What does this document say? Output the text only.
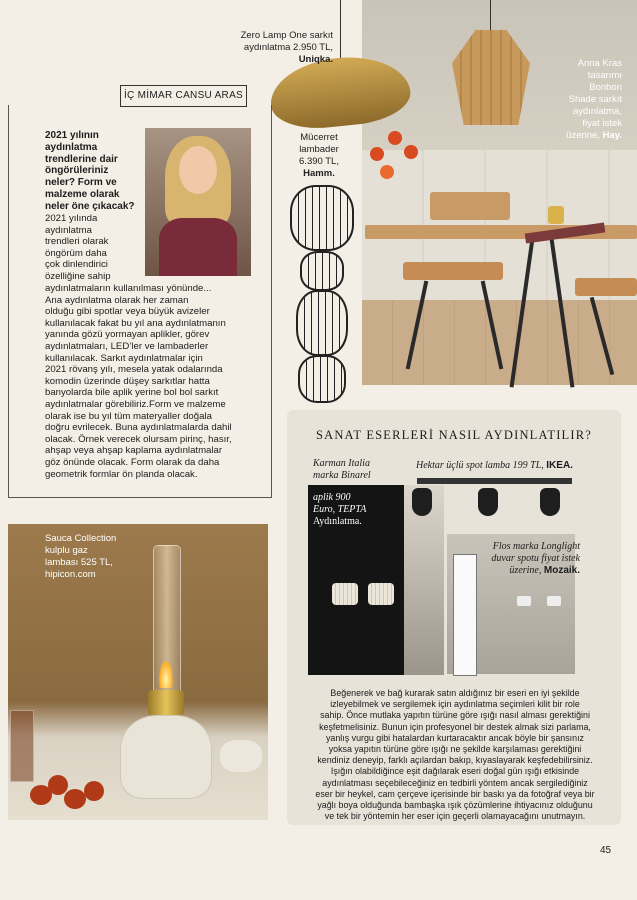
Zero Lamp One sarkıt
aydınlatma 2.950 TL,
Uniqka.	Anna Kras
tasarımı
Bonbon
Shade sarkıt
aydınlatma,
fiyat istek
üzerine, Hay.
Mücerret
lambader
6.390 TL,
Hamm.
İÇ MİMAR CANSU ARAS
2021 yılının
aydınlatma
trendlerine dair
öngörüleriniz
neler? Form ve
malzeme olarak
neler öne çıkacak?
2021 yılında
aydınlatma
trendleri olarak
öngörüm daha
çok dinlendirici
özelliğine sahip
aydınlatmaların kullanılması yönünde...
Ana aydınlatma olarak her zaman
olduğu gibi spotlar veya büyük avizeler
kullanılacak fakat bu yıl ana aydınlatmanın
yanında gözü yormayan aplikler, görev
aydınlatmaları, LED’ler ve lambaderler
kullanılacak. Sarkıt aydınlatmalar için
2021 rövanş yılı, mesela yatak odalarında
komodin üzerinde düşey sarkıtlar hatta
banyolarda bile aplik yerine bol bol sarkıt
aydınlatmalar görebiliriz.Form ve malzeme
olarak ise bu yıl tüm materyaller doğala
doğru evrilecek. Buna aydınlatmalarda dahil
olacak. Örnek verecek olursam pirinç, hasır,
ahşap veya ahşap kaplama aydınlatmalar
göz önünde olacak. Form olarak da daha
geometrik formlar ön planda olacak.
Sauca Collection
kulplu gaz
lambası 525 TL,
hipicon.com
SANAT ESERLERİ NASIL AYDINLATILIR?
Karman Italia
marka Binarel
Hektar üçlü spot lamba 199 TL, IKEA.
aplik 900
Euro, TEPTA
Aydınlatma.
Flos marka Longlight
duvar spotu fiyat istek
üzerine, Mozaik.
Beğenerek ve bağ kurarak satın aldığınız bir eseri en iyi şekilde
izleyebilmek ve sergilemek için aydınlatma seçimleri kilit bir role
sahip. Önce mutlaka yapıtın türüne göre ışığı nasıl alması gerektiğini
keşfetmelisiniz. Bunun için profesyonel bir destek almak sizi parlama,
yanlış vurgu gibi hatalardan kurtaracaktır ancak böyle bir şansınız
yoksa yapıtın türüne göre ışığı ne şekilde karşılaması gerektiğini
kendiniz deneyip, farklı açılardan bakıp, kıyaslayarak keşfedebilirsiniz.
Işığın olabildiğince eşit dağılarak eseri doğal gün ışığı etkisinde
aydınlatması seçebileceğiniz en tedbirli yöntem ancak sergilediğiniz
eser bir heykel, cam çerçeve içerisinde bir baskı ya da fotoğraf veya bir
yağlı boya olduğunda bambaşka ışık çözümlerine ihtiyacınız olduğunu
ve tek bir yöntemin her eser için geçerli olamayacağını unutmayın.
45
